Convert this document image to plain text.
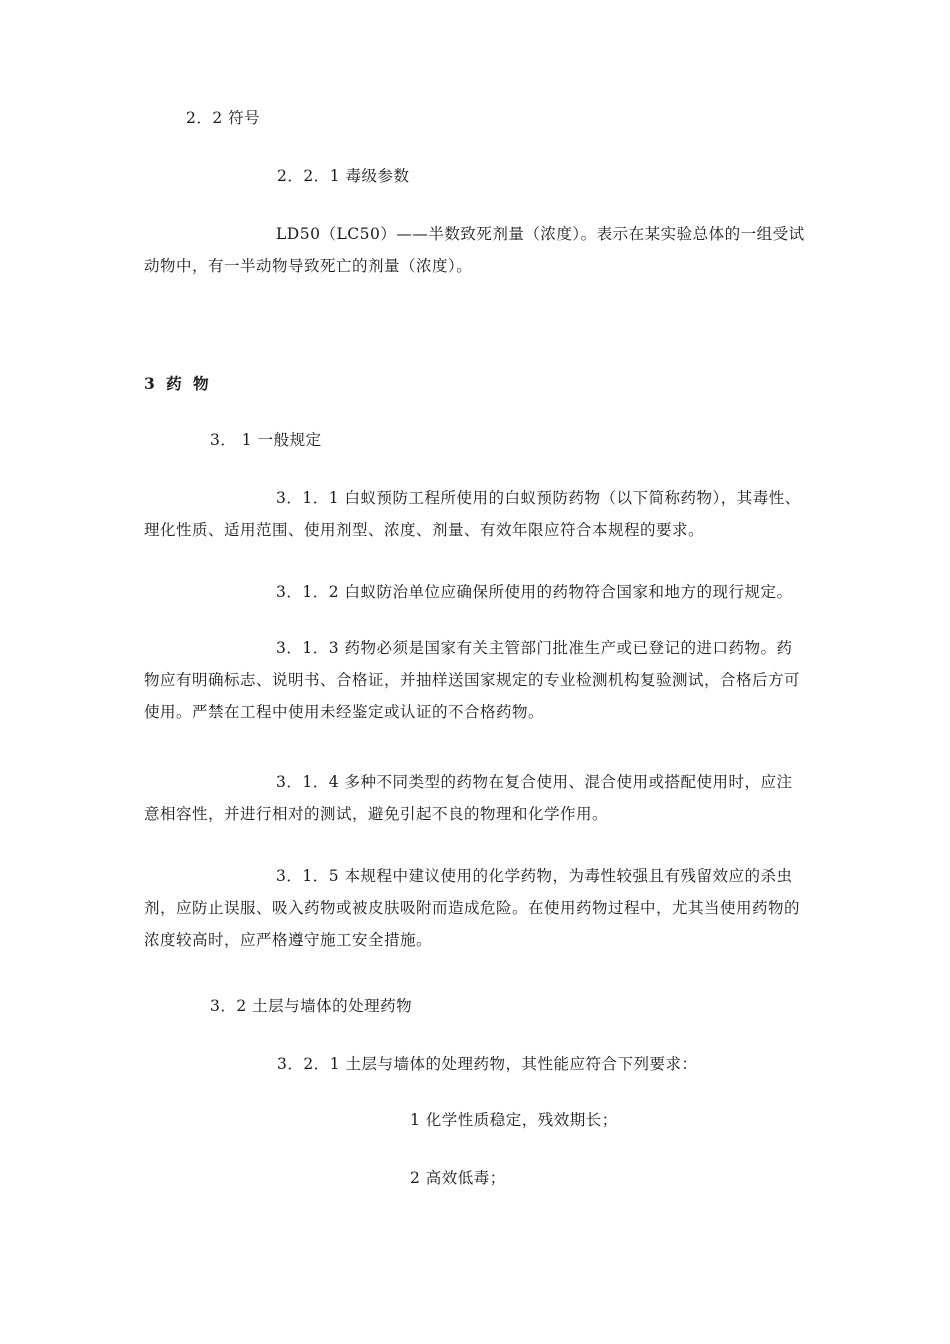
2．2 符号
2．2．1 毒级参数
LD50（LC50）——半数致死剂量（浓度）。表示在某实验总体的一组受试动物中，有一半动物导致死亡的剂量（浓度）。
3 药 物
3． 1 一般规定
3．1．1 白蚁预防工程所使用的白蚁预防药物（以下简称药物），其毒性、理化性质、适用范围、使用剂型、浓度、剂量、有效年限应符合本规程的要求。
3．1．2 白蚁防治单位应确保所使用的药物符合国家和地方的现行规定。
3．1．3 药物必须是国家有关主管部门批准生产或已登记的进口药物。药物应有明确标志、说明书、合格证，并抽样送国家规定的专业检测机构复验测试，合格后方可使用。严禁在工程中使用未经鉴定或认证的不合格药物。
3．1．4 多种不同类型的药物在复合使用、混合使用或搭配使用时，应注意相容性，并进行相对的测试，避免引起不良的物理和化学作用。
3．1．5 本规程中建议使用的化学药物，为毒性较强且有残留效应的杀虫剂，应防止误服、吸入药物或被皮肤吸附而造成危险。在使用药物过程中，尤其当使用药物的浓度较高时，应严格遵守施工安全措施。
3．2 土层与墙体的处理药物
3．2．1 土层与墙体的处理药物，其性能应符合下列要求：
1 化学性质稳定，残效期长；
2 高效低毒；
